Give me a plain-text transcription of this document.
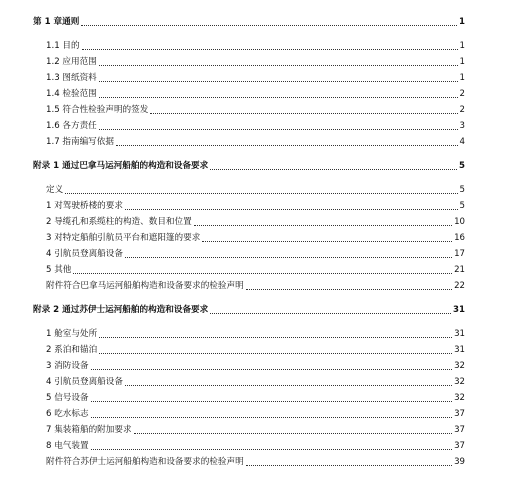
第 1 章通则	1
1.1 目的	1
1.2 应用范围	1
1.3 图纸资料	1
1.4 检验范围	2
1.5 符合性检验声明的签发	2
1.6 各方责任	3
1.7 指南编写依据	4
附录 1 通过巴拿马运河船舶的构造和设备要求	5
定义	5
1 对驾驶桥楼的要求	5
2 导缆孔和系缆柱的构造、数目和位置	10
3 对特定船舶引航员平台和遮阳篷的要求	16
4 引航员登离船设备	17
5 其他	21
附件符合巴拿马运河船舶构造和设备要求的检验声明	22
附录 2 通过苏伊士运河船舶的构造和设备要求	31
1 舱室与处所	31
2 系泊和锚泊	31
3 消防设备	32
4 引航员登离船设备	32
5 信号设备	32
6 吃水标志	37
7 集装箱船的附加要求	37
8 电气装置	37
附件符合苏伊士运河船舶构造和设备要求的检验声明	39
